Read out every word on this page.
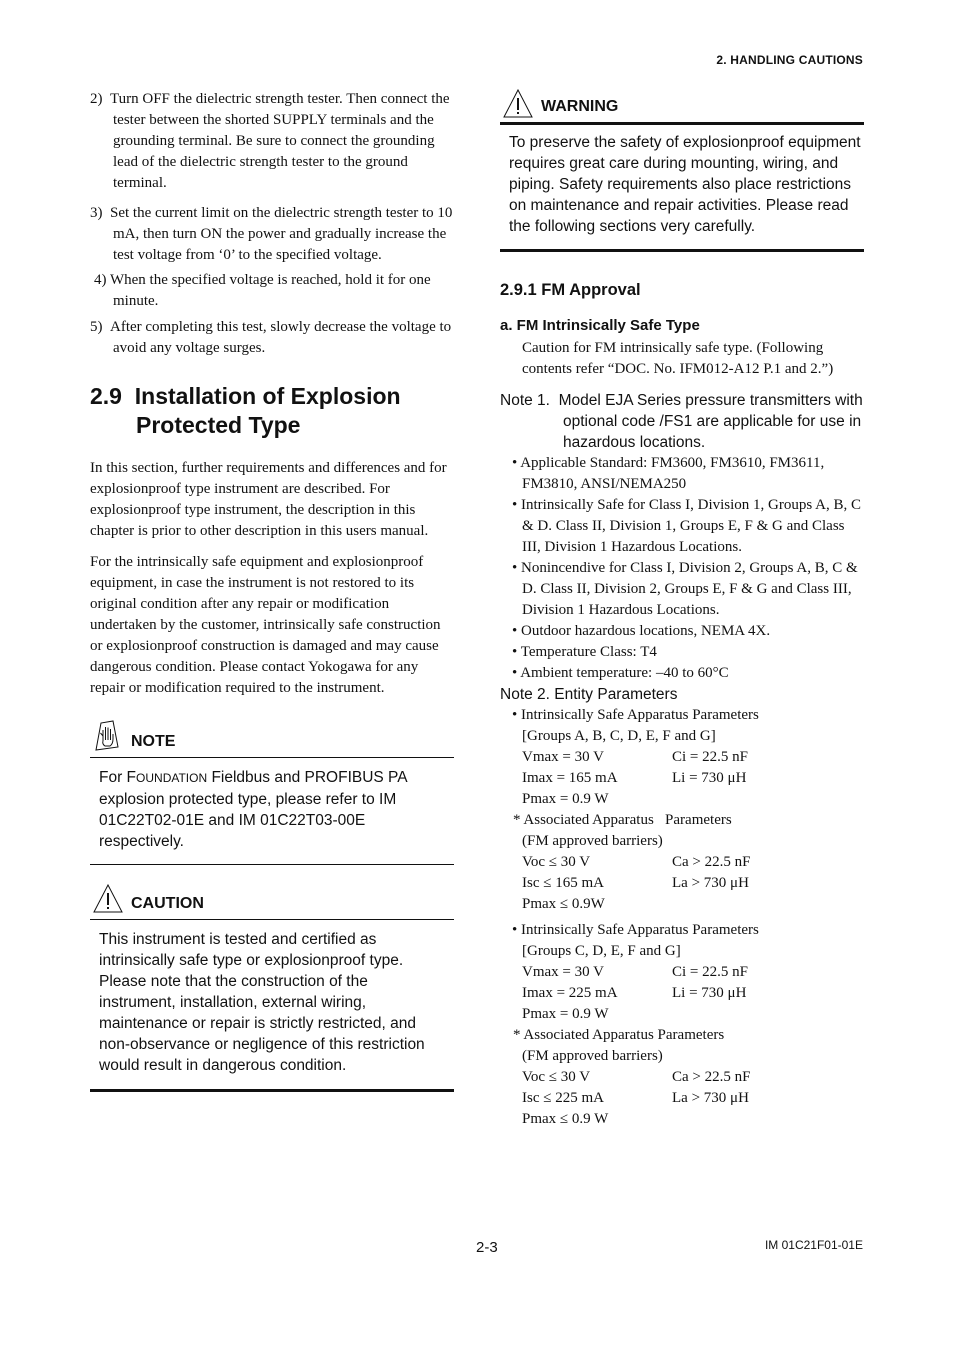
2. HANDLING CAUTIONS

2) Turn OFF the dielectric strength tester. Then connect the tester between the shorted SUPPLY terminals and the grounding terminal. Be sure to connect the grounding lead of the dielectric strength tester to the ground terminal.

3) Set the current limit on the dielectric strength tester to 10 mA, then turn ON the power and gradually increase the test voltage from ‘0’ to the specified voltage.

4) When the specified voltage is reached, hold it for one minute.

5) After completing this test, slowly decrease the voltage to avoid any voltage surges.

2.9 Installation of Explosion Protected Type

In this section, further requirements and differences and for explosionproof type instrument are described. For explosionproof type instrument, the description in this chapter is prior to other description in this users manual.

For the intrinsically safe equipment and explosionproof equipment, in case the instrument is not restored to its original condition after any repair or modification undertaken by the customer, intrinsically safe construction or explosionproof construction is damaged and may cause dangerous condition. Please contact Yokogawa for any repair or modification required to the instrument.

NOTE
For FOUNDATION Fieldbus and PROFIBUS PA explosion protected type, please refer to IM 01C22T02-01E and IM 01C22T03-00E respectively.
CAUTION
This instrument is tested and certified as intrinsically safe type or explosionproof type. Please note that the construction of the instrument, installation, external wiring, maintenance or repair is strictly restricted, and non-observance or negligence of this restriction would result in dangerous condition.
WARNING
To preserve the safety of explosionproof equipment requires great care during mounting, wiring, and piping. Safety requirements also place restrictions on maintenance and repair activities. Please read the following sections very carefully.
2.9.1 FM Approval
a. FM Intrinsically Safe Type
Caution for FM intrinsically safe type. (Following contents refer “DOC. No. IFM012-A12 P.1 and 2.”)
Note 1. Model EJA Series pressure transmitters with optional code /FS1 are applicable for use in hazardous locations.
• Applicable Standard: FM3600, FM3610, FM3611, FM3810, ANSI/NEMA250
• Intrinsically Safe for Class I, Division 1, Groups A, B, C & D. Class II, Division 1, Groups E, F & G and Class III, Division 1 Hazardous Locations.
• Nonincendive for Class I, Division 2, Groups A, B, C & D. Class II, Division 2, Groups E, F & G and Class III, Division 1 Hazardous Locations.
• Outdoor hazardous locations, NEMA 4X.
• Temperature Class: T4
• Ambient temperature: –40 to 60°C
Note 2. Entity Parameters
• Intrinsically Safe Apparatus Parameters
[Groups A, B, C, D, E, F and G]
Vmax = 30 V	Ci = 22.5 nF
Imax = 165 mA	Li = 730 μH
Pmax = 0.9 W
* Associated Apparatus   Parameters
(FM approved barriers)
Voc ≤ 30 V	Ca > 22.5 nF
Isc ≤ 165 mA	La > 730 μH
Pmax ≤ 0.9W
• Intrinsically Safe Apparatus Parameters
[Groups C, D, E, F and G]
Vmax = 30 V	Ci = 22.5 nF
Imax = 225 mA	Li = 730 μH
Pmax = 0.9 W
* Associated Apparatus Parameters
(FM approved barriers)
Voc ≤ 30 V	Ca > 22.5 nF
Isc ≤ 225 mA	La > 730 μH
Pmax ≤ 0.9 W
2-3	IM 01C21F01-01E
